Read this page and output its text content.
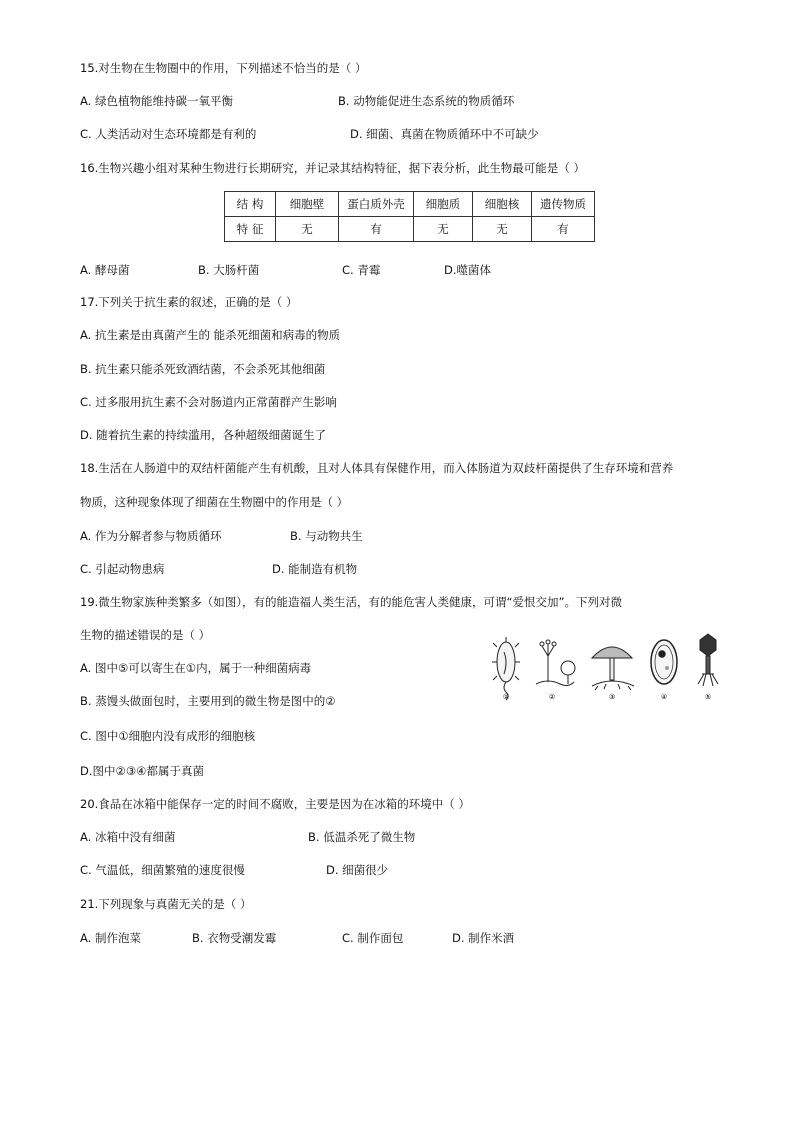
15.对生物在生物圈中的作用，下列描述不恰当的是（ ）
A. 绿色植物能维持碳一氧平衡	B. 动物能促进生态系统的物质循环
C. 人类活动对生态环境都是有利的	D. 细菌、真菌在物质循环中不可缺少
16.生物兴趣小组对某种生物进行长期研究，并记录其结构特征，据下表分析，此生物最可能是（ ）
结 构	细胞壁	蛋白质外壳	细胞质	细胞核	遗传物质
特 征	无	有	无	无	有
A. 酵母菌	B. 大肠杆菌	C. 青霉	D.噬菌体
17.下列关于抗生素的叙述，正确的是（ ）
A. 抗生素是由真菌产生的 能杀死细菌和病毒的物质
B. 抗生素只能杀死致酒结菌，不会杀死其他细菌
C. 过多服用抗生素不会对肠道内正常菌群产生影响
D. 随着抗生素的持续滥用，各种超级细菌诞生了
18.生活在人肠道中的双结杆菌能产生有机酸，且对人体具有保健作用，而入体肠道为双歧杆菌提供了生存环境和营养
物质，这种现象体现了细菌在生物圈中的作用是（ ）
A. 作为分解者参与物质循环	B. 与动物共生
C. 引起动物患病	D. 能制造有机物
19.微生物家族种类繁多（如图），有的能造福人类生活，有的能危害人类健康，可谓“爱恨交加”。下列对微
生物的描述错误的是（ ）
A. 图中⑤可以寄生在①内，属于一种细菌病毒
B. 蒸馒头做面包时，主要用到的微生物是图中的②
C. 图中①细胞内没有成形的细胞核
D.图中②③④都属于真菌
①	②	③	④	⑤
20.食品在冰箱中能保存一定的时间不腐败，主要是因为在冰箱的环境中（ ）
A. 冰箱中没有细菌	B. 低温杀死了微生物
C. 气温低，细菌繁殖的速度很慢	D. 细菌很少
21.下列现象与真菌无关的是（ ）
A. 制作泡菜	B. 衣物受潮发霉	C. 制作面包	D. 制作米酒
